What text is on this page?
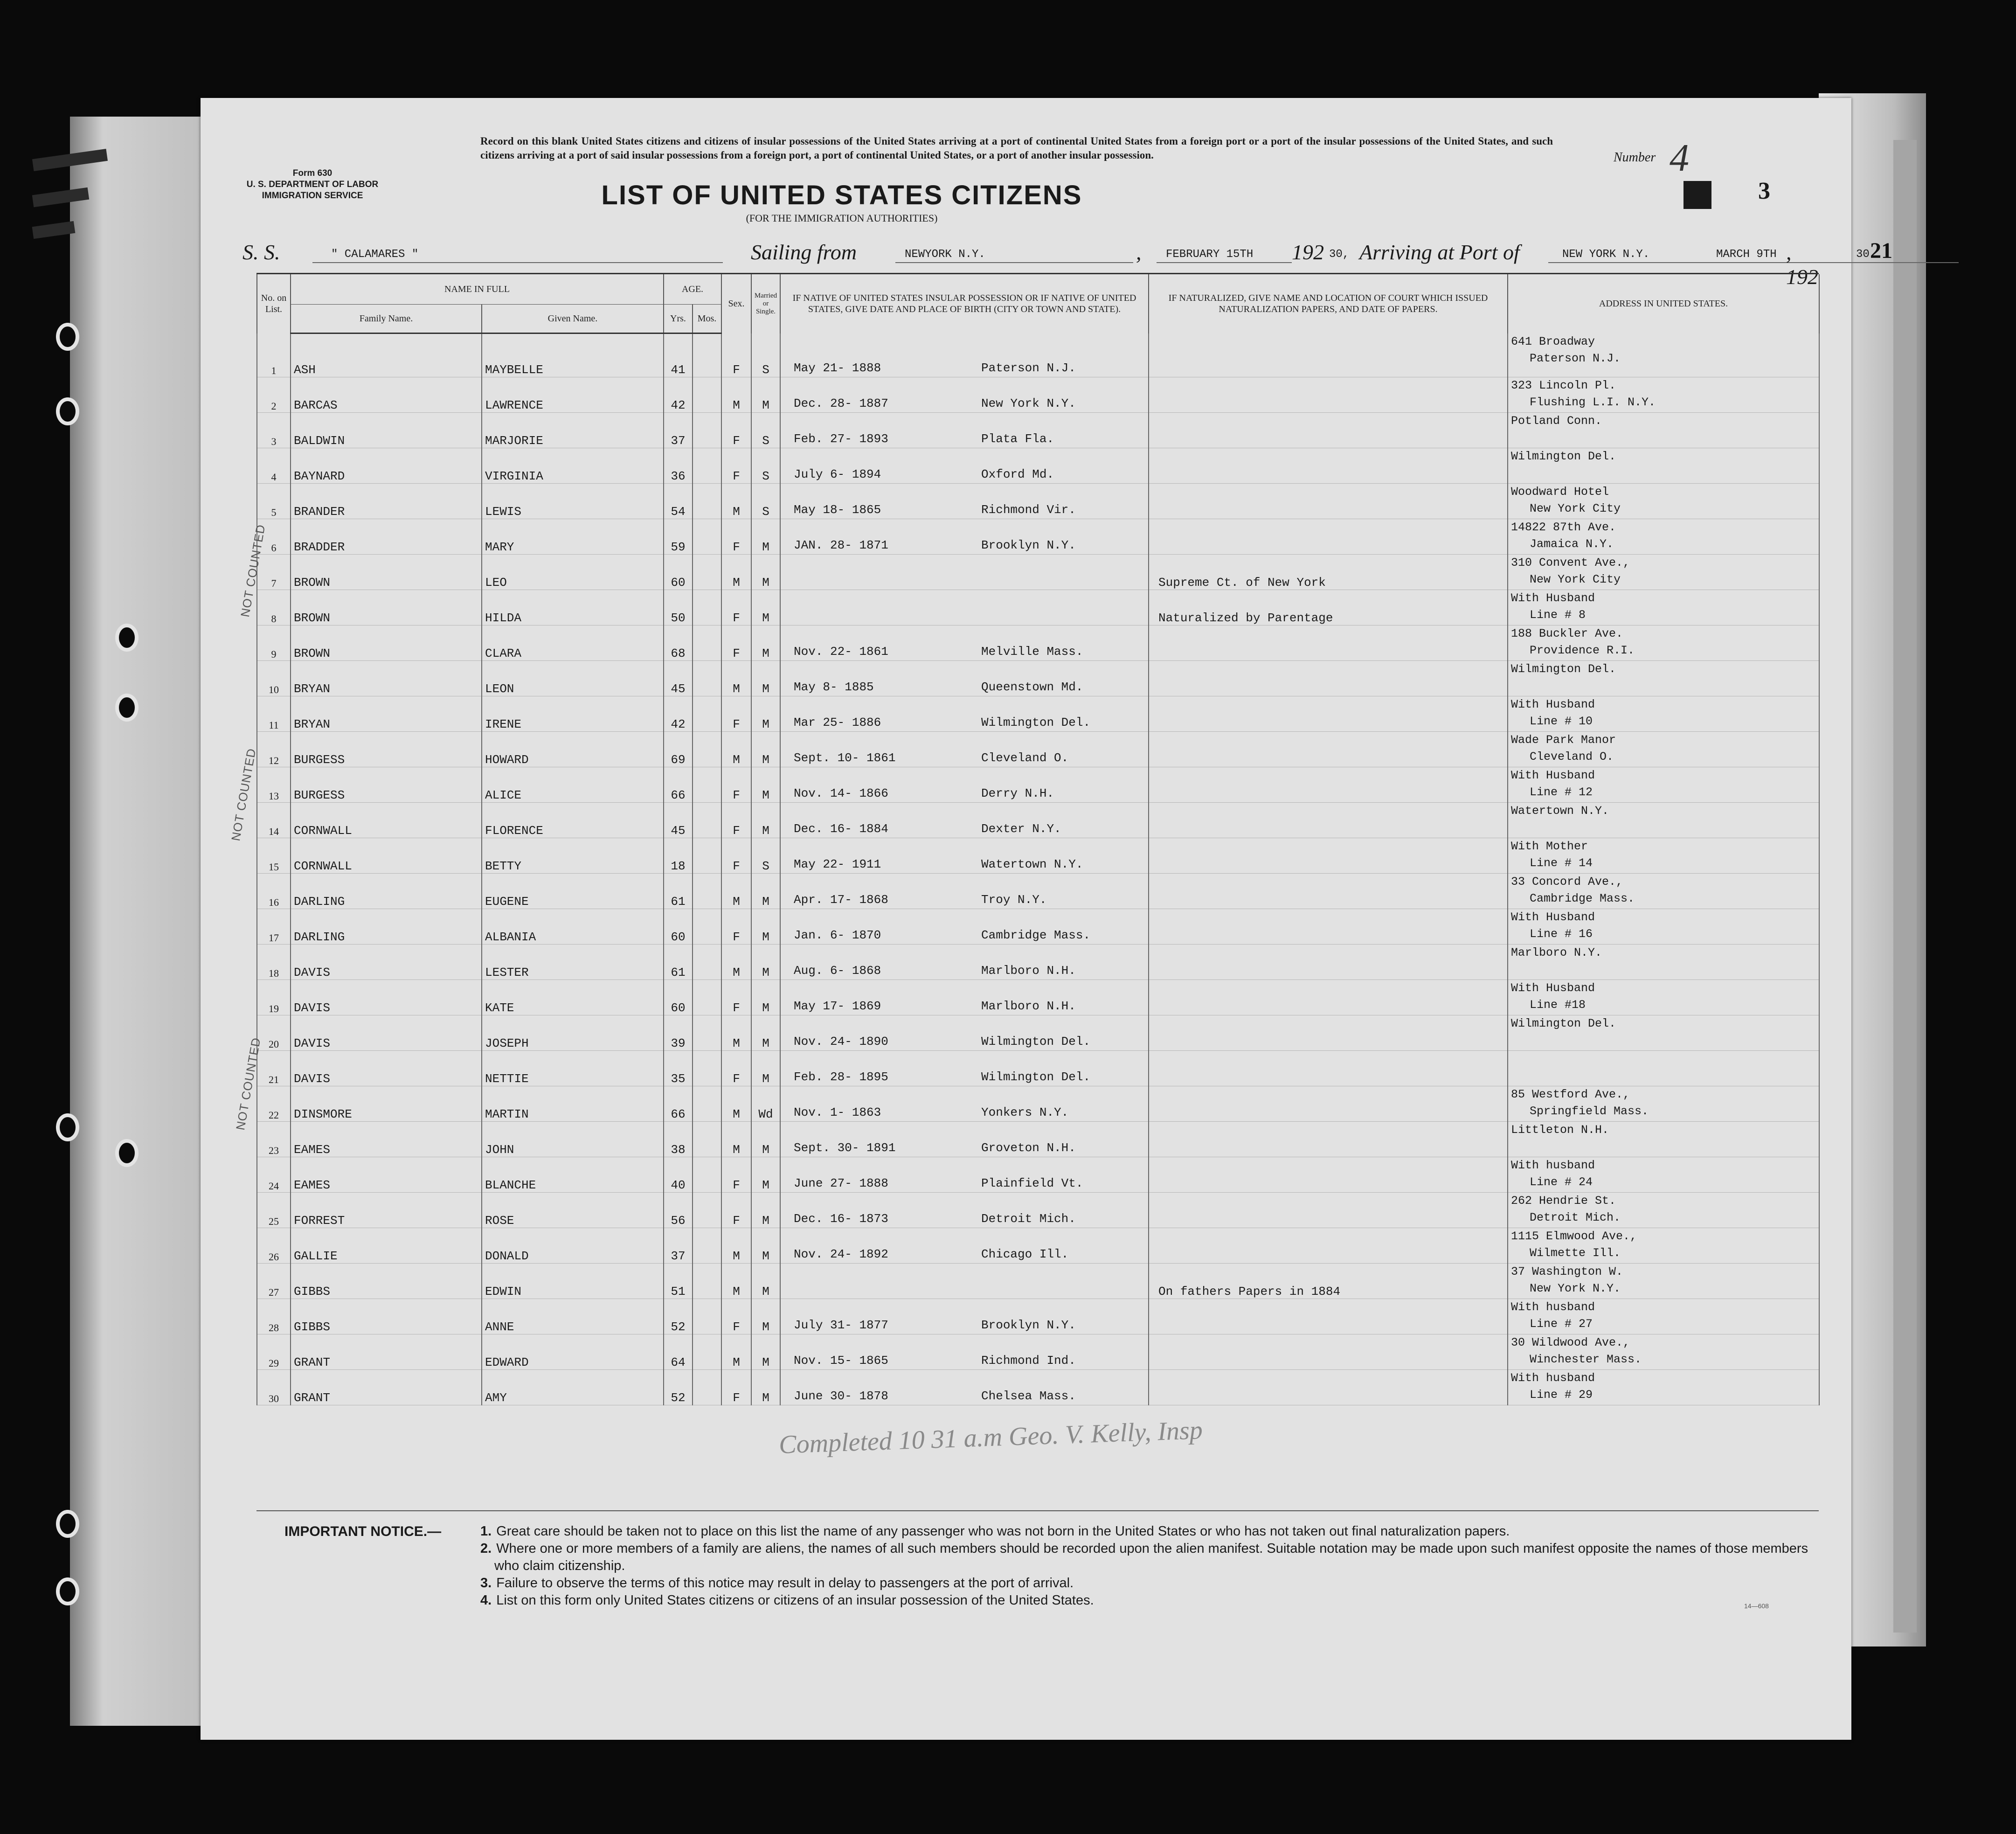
Form 630
U. S. DEPARTMENT OF LABOR
IMMIGRATION SERVICE
Record on this blank United States citizens and citizens of insular possessions of the United States arriving at a port of continental United States from a foreign port or a port of the insular possessions of the United States, and such citizens arriving at a port of said insular possessions from a foreign port, a port of continental United States, or a port of another insular possession.	Number 4
3
LIST OF UNITED STATES CITIZENS
(FOR THE IMMIGRATION AUTHORITIES)
S. S.	" CALAMARES "	Sailing from	NEWYORK N.Y.	, FEBRUARY 15TH 192 30, Arriving at Port of	NEW YORK N.Y.	MARCH 9TH , 192
30 21
No. on List.	NAME IN FULL		AGE.		Sex.	Married or Single.	IF NATIVE OF UNITED STATES INSULAR POSSESSION OR IF NATIVE OF UNITED STATES, GIVE DATE AND PLACE OF BIRTH (CITY OR TOWN AND STATE).	IF NATURALIZED, GIVE NAME AND LOCATION OF COURT WHICH ISSUED NATURALIZATION PAPERS, AND DATE OF PAPERS.	ADDRESS IN UNITED STATES.
	Family Name.	Given Name.	Yrs.	Mos.					
1	ASH	MAYBELLE	41		F	S	May 21- 1888 Paterson N.J.		641 Broadway
Paterson N.J.

2	BARCAS	LAWRENCE	42		M	M	Dec. 28- 1887 New York N.Y.		323 Lincoln Pl.
Flushing L.I. N.Y.

3	BALDWIN	MARJORIE	37		F	S	Feb. 27- 1893 Plata Fla.		Potland Conn.

4	BAYNARD	VIRGINIA	36		F	S	July 6- 1894 Oxford Md.		Wilmington Del.

5	BRANDER	LEWIS	54		M	S	May 18- 1865 Richmond Vir.		Woodward Hotel
New York City

6	BRADDER	MARY	59		F	M	JAN. 28- 1871 Brooklyn N.Y.		14822 87th Ave.
Jamaica N.Y.

7	BROWN	LEO	60		M	M		Supreme Ct. of New York	310 Convent Ave.,
New York City

8	BROWN	HILDA	50		F	M		Naturalized by Parentage	With Husband
Line # 8

9	BROWN	CLARA	68		F	M	Nov. 22- 1861 Melville Mass.		188 Buckler Ave.
Providence R.I.

10	BRYAN	LEON	45		M	M	May 8- 1885 Queenstown Md.		Wilmington Del.

11	BRYAN	IRENE	42		F	M	Mar 25- 1886 Wilmington Del.		With Husband
Line # 10

12	BURGESS	HOWARD	69		M	M	Sept. 10- 1861 Cleveland O.		Wade Park Manor
Cleveland O.

13	BURGESS	ALICE	66		F	M	Nov. 14- 1866 Derry N.H.		With Husband
Line # 12

14	CORNWALL	FLORENCE	45		F	M	Dec. 16- 1884 Dexter N.Y.		Watertown N.Y.

15	CORNWALL	BETTY	18		F	S	May 22- 1911 Watertown N.Y.		With Mother
Line # 14

16	DARLING	EUGENE	61		M	M	Apr. 17- 1868 Troy N.Y.		33 Concord Ave.,
Cambridge Mass.

17	DARLING	ALBANIA	60		F	M	Jan. 6- 1870 Cambridge Mass.		With Husband
Line # 16

18	DAVIS	LESTER	61		M	M	Aug. 6- 1868 Marlboro N.H.		Marlboro N.Y.

19	DAVIS	KATE	60		F	M	May 17- 1869 Marlboro N.H.		With Husband
Line #18

20	DAVIS	JOSEPH	39		M	M	Nov. 24- 1890 Wilmington Del.		Wilmington Del.

21	DAVIS	NETTIE	35		F	M	Feb. 28- 1895 Wilmington Del.		

22	DINSMORE	MARTIN	66		M	Wd	Nov. 1- 1863 Yonkers N.Y.		85 Westford Ave.,
Springfield Mass.

23	EAMES	JOHN	38		M	M	Sept. 30- 1891 Groveton N.H.		Littleton N.H.

24	EAMES	BLANCHE	40		F	M	June 27- 1888 Plainfield Vt.		With husband
Line # 24

25	FORREST	ROSE	56		F	M	Dec. 16- 1873 Detroit Mich.		262 Hendrie St.
Detroit Mich.

26	GALLIE	DONALD	37		M	M	Nov. 24- 1892 Chicago Ill.		1115 Elmwood Ave.,
Wilmette Ill.

27	GIBBS	EDWIN	51		M	M		On fathers Papers in 1884	37 Washington W.
New York N.Y.

28	GIBBS	ANNE	52		F	M	July 31- 1877 Brooklyn N.Y.		With husband
Line # 27

29	GRANT	EDWARD	64		M	M	Nov. 15- 1865 Richmond Ind.		30 Wildwood Ave.,
Winchester Mass.

30	GRANT	AMY	52		F	M	June 30- 1878 Chelsea Mass.		With husband
Line # 29
NOT COUNTED
NOT COUNTED
NOT COUNTED
Completed 10 31 a.m Geo. V. Kelly, Insp
IMPORTANT NOTICE.—	1. Great care should be taken not to place on this list the name of any passenger who was not born in the United States or who has not taken out final naturalization papers.

2. Where one or more members of a family are aliens, the names of all such members should be recorded upon the alien manifest. Suitable notation may be made upon such manifest opposite the names of those members who claim citizenship.

3. Failure to observe the terms of this notice may result in delay to passengers at the port of arrival.

4. List on this form only United States citizens or citizens of an insular possession of the United States.	14—608
